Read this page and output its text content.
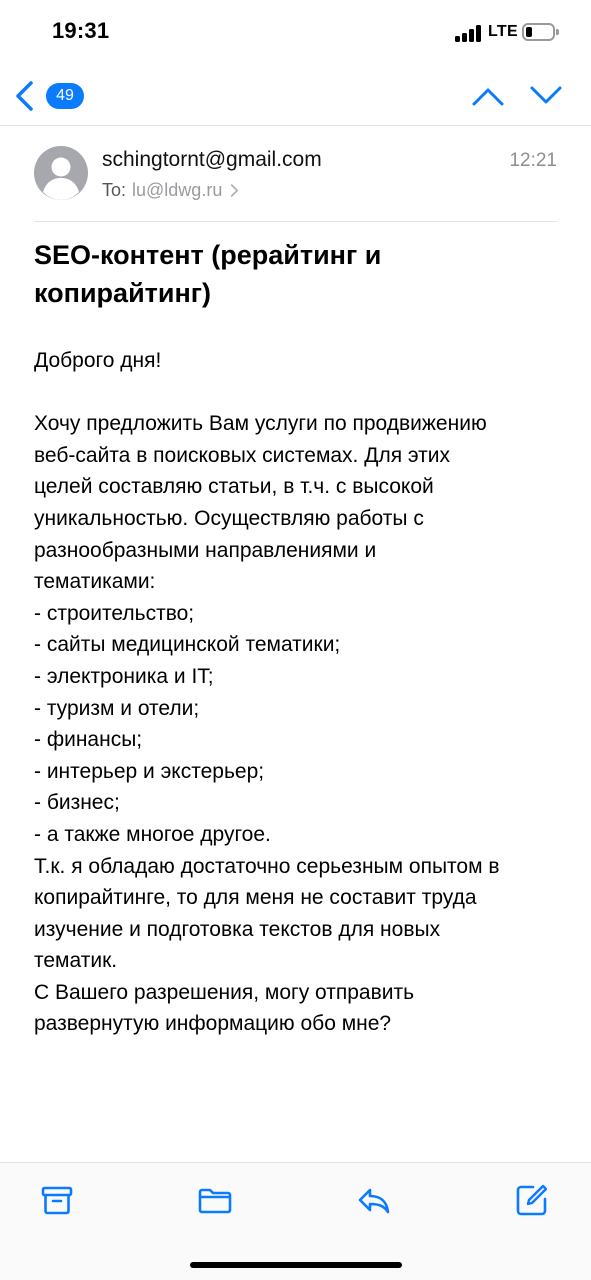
19:31	LTE
49
schingtornt@gmail.com	12:21
To: lu@ldwg.ru
SEO-контент (рерайтинг и
копирайтинг)
Доброго дня!
Хочу предложить Вам услуги по продвижению
веб-сайта в поисковых системах. Для этих
целей составляю статьи, в т.ч. с высокой
уникальностью. Осуществляю работы с
разнообразными направлениями и
тематиками:
- строительство;
- сайты медицинской тематики;
- электроника и IT;
- туризм и отели;
- финансы;
- интерьер и экстерьер;
- бизнес;
- а также многое другое.
Т.к. я обладаю достаточно серьезным опытом в
копирайтинге, то для меня не составит труда
изучение и подготовка текстов для новых
тематик.
С Вашего разрешения, могу отправить
развернутую информацию обо мне?
